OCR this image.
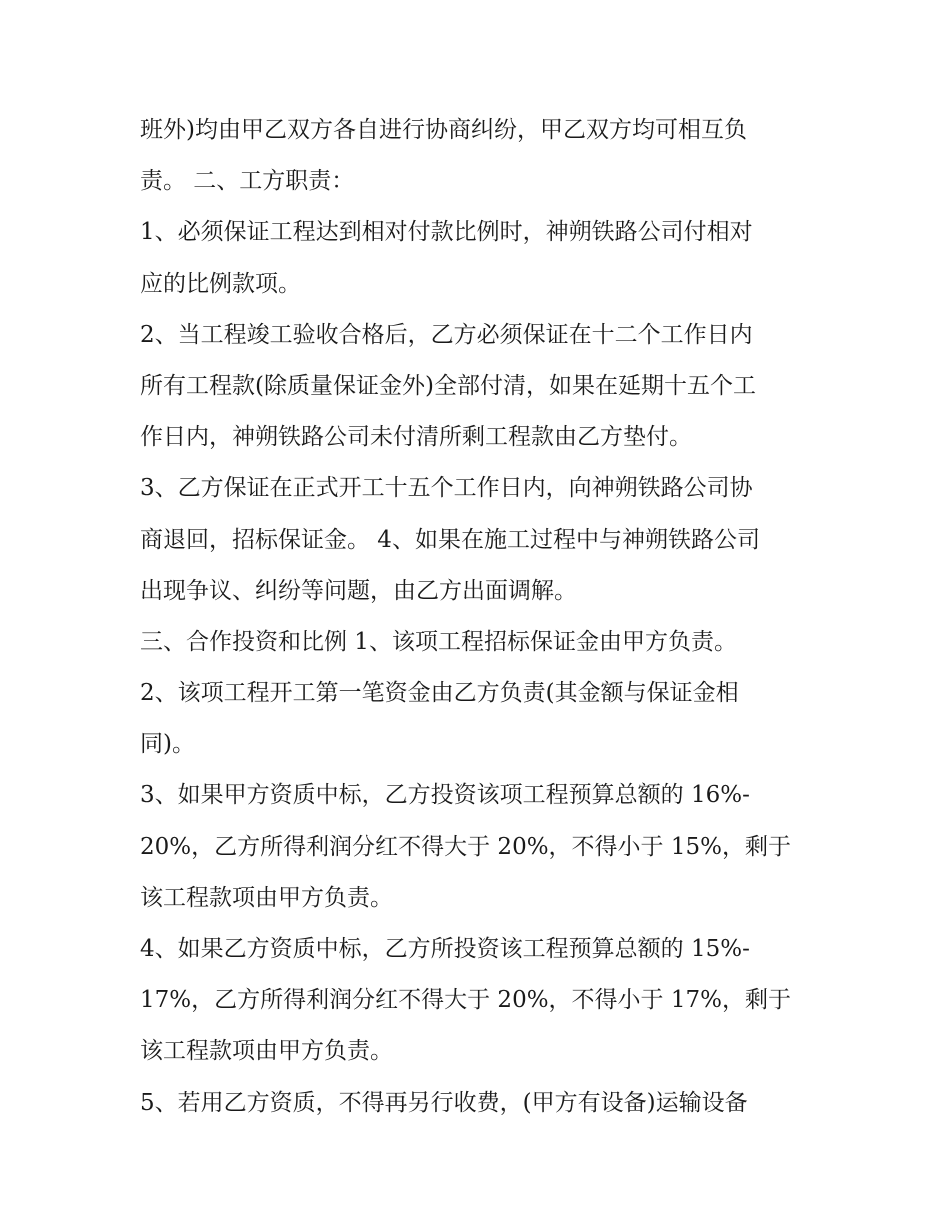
班外)均由甲乙双方各自进行协商纠纷，甲乙双方均可相互负
责。 二、工方职责：
1、必须保证工程达到相对付款比例时，神朔铁路公司付相对
应的比例款项。
2、当工程竣工验收合格后，乙方必须保证在十二个工作日内
所有工程款(除质量保证金外)全部付清，如果在延期十五个工
作日内，神朔铁路公司未付清所剩工程款由乙方垫付。
3、乙方保证在正式开工十五个工作日内，向神朔铁路公司协
商退回，招标保证金。 4、如果在施工过程中与神朔铁路公司
出现争议、纠纷等问题，由乙方出面调解。
三、合作投资和比例 1、该项工程招标保证金由甲方负责。
2、该项工程开工第一笔资金由乙方负责(其金额与保证金相
同)。
3、如果甲方资质中标，乙方投资该项工程预算总额的 16%-
20%，乙方所得利润分红不得大于 20%，不得小于 15%，剩于
该工程款项由甲方负责。
4、如果乙方资质中标，乙方所投资该工程预算总额的 15%-
17%，乙方所得利润分红不得大于 20%，不得小于 17%，剩于
该工程款项由甲方负责。
5、若用乙方资质，不得再另行收费，(甲方有设备)运输设备
